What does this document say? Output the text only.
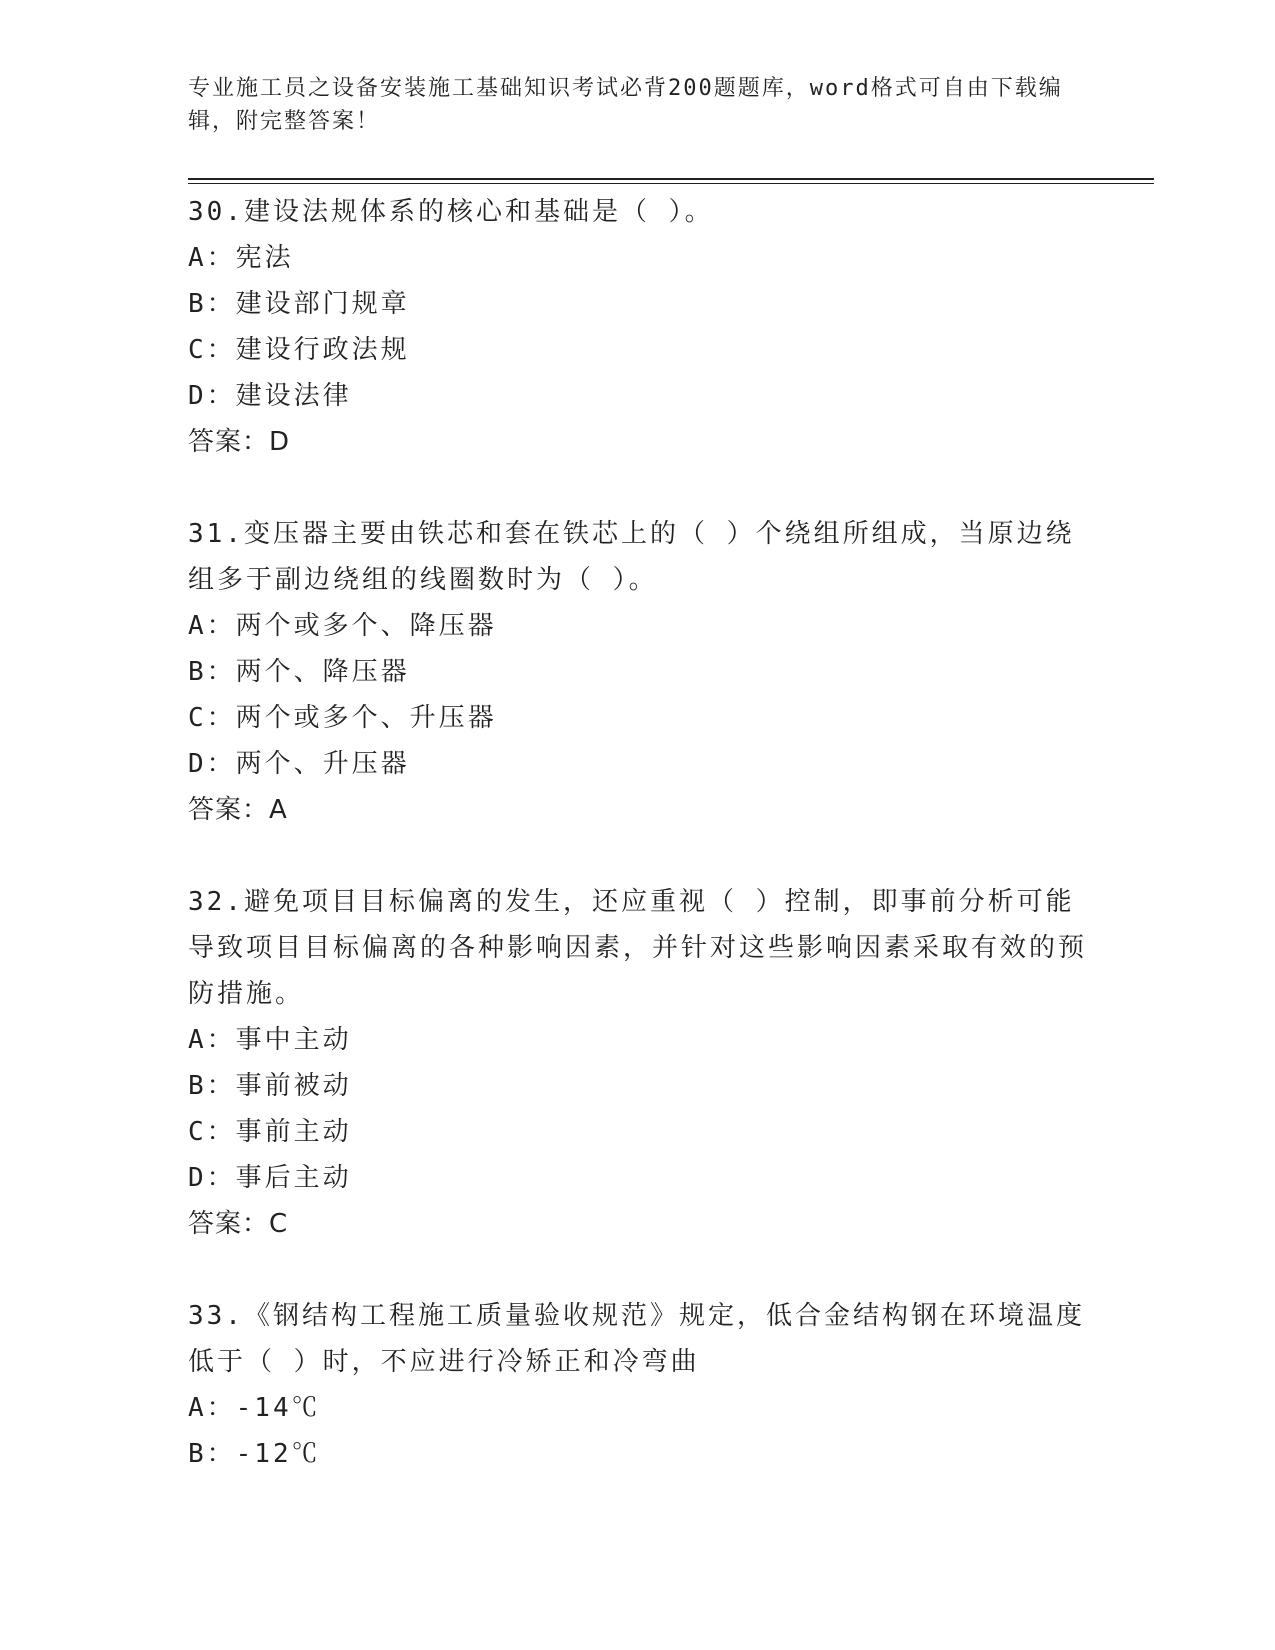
专业施工员之设备安装施工基础知识考试必背200题题库，word格式可自由下载编辑，附完整答案！

30.建设法规体系的核心和基础是（ ）。

A：宪法

B：建设部门规章

C：建设行政法规

D：建设法律

答案：D

31.变压器主要由铁芯和套在铁芯上的（ ）个绕组所组成，当原边绕组多于副边绕组的线圈数时为（ ）。

A：两个或多个、降压器

B：两个、降压器

C：两个或多个、升压器

D：两个、升压器

答案：A

32.避免项目目标偏离的发生，还应重视（ ）控制，即事前分析可能导致项目目标偏离的各种影响因素，并针对这些影响因素采取有效的预防措施。

A：事中主动

B：事前被动

C：事前主动

D：事后主动

答案：C

33.《钢结构工程施工质量验收规范》规定，低合金结构钢在环境温度低于（ ）时，不应进行冷矫正和冷弯曲

A：-14℃

B：-12℃
